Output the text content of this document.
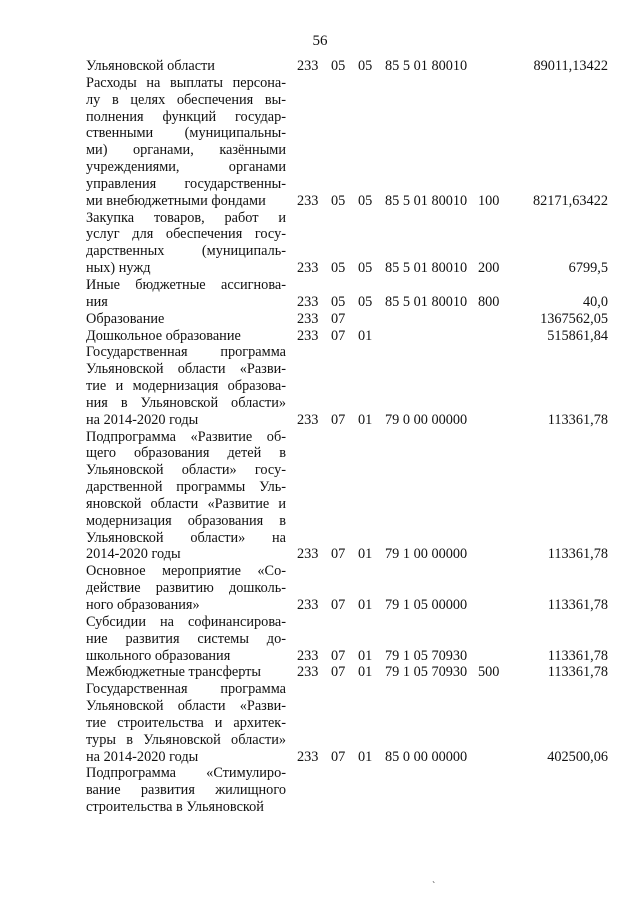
56
Ульяновской области	233 05 05 85 5 01 80010	89011,13422
Расходы на выплаты персона-
лу в целях обеспечения вы-
полнения функций государ-
ственными (муниципальны-
ми) органами, казёнными
учреждениями, органами
управления государственны-
ми внебюджетными фондами	233 05 05 85 5 01 80010 100 82171,63422
Закупка товаров, работ и
услуг для обеспечения госу-
дарственных (муниципаль-
ных) нужд	233 05 05 85 5 01 80010 200	6799,5
Иные бюджетные ассигнова-
ния	233 05 05 85 5 01 80010 800	40,0
Образование	233 07	1367562,05
Дошкольное образование	233 07 01	515861,84
Государственная программа
Ульяновской области «Разви-
тие и модернизация образова-
ния в Ульяновской области»
на 2014-2020 годы	233 07 01 79 0 00 00000	113361,78
Подпрограмма «Развитие об-
щего образования детей в
Ульяновской области» госу-
дарственной программы Уль-
яновской области «Развитие и
модернизация образования в
Ульяновской области» на
2014-2020 годы	233 07 01 79 1 00 00000	113361,78
Основное мероприятие «Со-
действие развитию дошколь-
ного образования»	233 07 01 79 1 05 00000	113361,78
Субсидии на софинансирова-
ние развития системы до-
школьного образования	233 07 01 79 1 05 70930	113361,78
Межбюджетные трансферты	233 07 01 79 1 05 70930 500	113361,78
Государственная программа
Ульяновской области «Разви-
тие строительства и архитек-
туры в Ульяновской области»
на 2014-2020 годы	233 07 01 85 0 00 00000	402500,06
Подпрограмма «Стимулиро-
вание развития жилищного
строительства в Ульяновской
`
